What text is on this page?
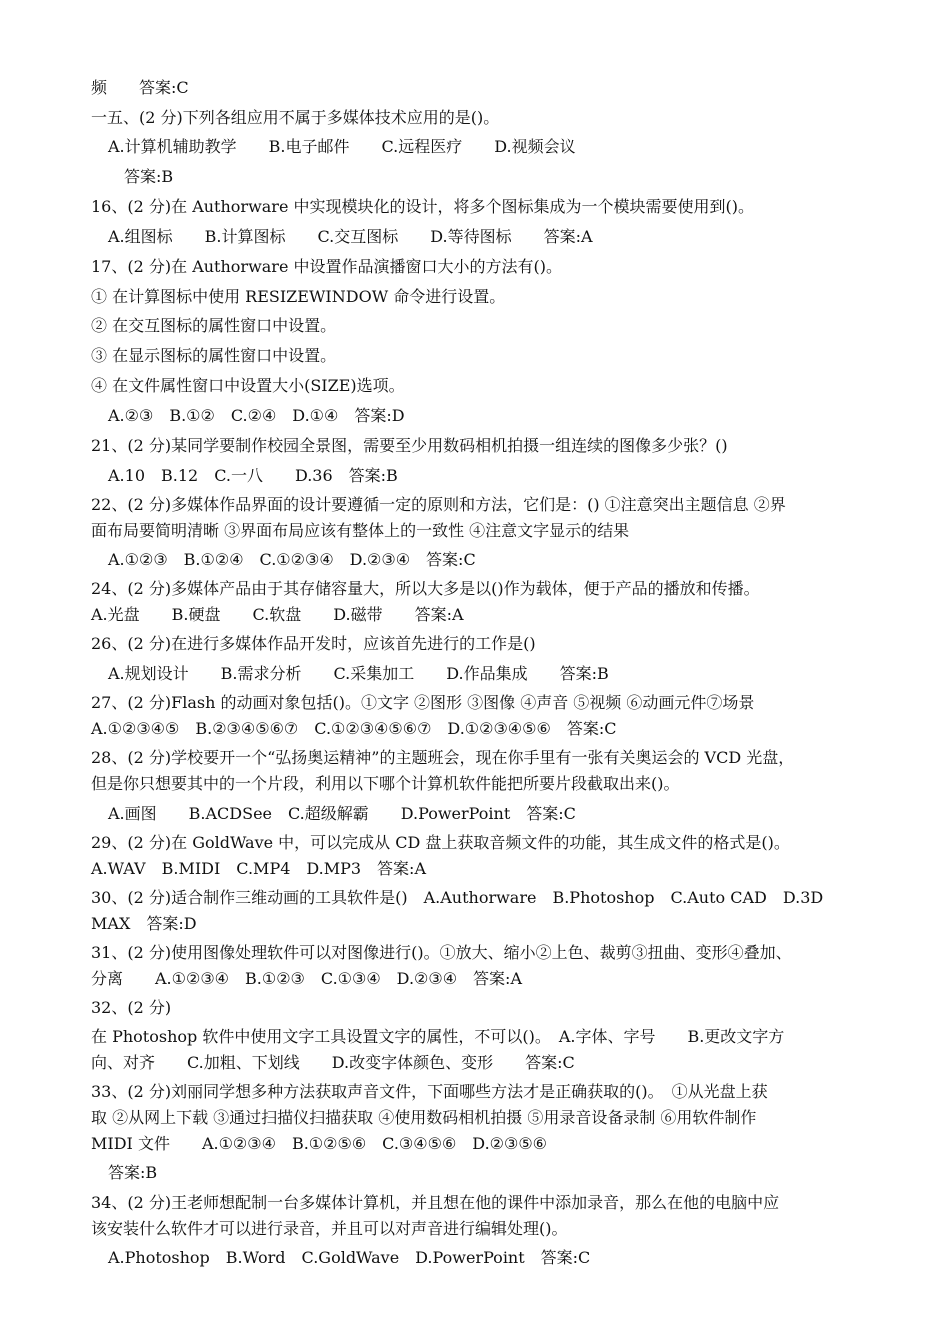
频　　答案:C
一五、(2 分)下列各组应用不属于多媒体技术应用的是()。
A.计算机辅助教学　　B.电子邮件　　C.远程医疗　　D.视频会议
答案:B
16、(2 分)在 Authorware 中实现模块化的设计，将多个图标集成为一个模块需要使用到()。
A.组图标　　B.计算图标　　C.交互图标　　D.等待图标　　答案:A
17、(2 分)在 Authorware 中设置作品演播窗口大小的方法有()。
① 在计算图标中使用 RESIZEWINDOW 命令进行设置。
② 在交互图标的属性窗口中设置。
③ 在显示图标的属性窗口中设置。
④ 在文件属性窗口中设置大小(SIZE)选项。
A.②③　B.①②　C.②④　D.①④　答案:D
21、(2 分)某同学要制作校园全景图，需要至少用数码相机拍摄一组连续的图像多少张？()
A.10　B.12　C.一八　　D.36　答案:B
22、(2 分)多媒体作品界面的设计要遵循一定的原则和方法，它们是：() ①注意突出主题信息 ②界
面布局要简明清晰 ③界面布局应该有整体上的一致性 ④注意文字显示的结果
A.①②③　B.①②④　C.①②③④　D.②③④　答案:C
24、(2 分)多媒体产品由于其存储容量大，所以大多是以()作为载体，便于产品的播放和传播。
A.光盘　　B.硬盘　　C.软盘　　D.磁带　　答案:A
26、(2 分)在进行多媒体作品开发时，应该首先进行的工作是()
A.规划设计　　B.需求分析　　C.采集加工　　D.作品集成　　答案:B
27、(2 分)Flash 的动画对象包括()。①文字 ②图形 ③图像 ④声音 ⑤视频 ⑥动画元件⑦场景
A.①②③④⑤　B.②③④⑤⑥⑦　C.①②③④⑤⑥⑦　D.①②③④⑤⑥　答案:C
28、(2 分)学校要开一个“弘扬奥运精神”的主题班会，现在你手里有一张有关奥运会的 VCD 光盘，
但是你只想要其中的一个片段，利用以下哪个计算机软件能把所要片段截取出来()。
A.画图　　B.ACDSee　C.超级解霸　　D.PowerPoint　答案:C
29、(2 分)在 GoldWave 中，可以完成从 CD 盘上获取音频文件的功能，其生成文件的格式是()。
A.WAV　B.MIDI　C.MP4　D.MP3　答案:A
30、(2 分)适合制作三维动画的工具软件是()　A.Authorware　B.Photoshop　C.Auto CAD　D.3D
MAX　答案:D
31、(2 分)使用图像处理软件可以对图像进行()。①放大、缩小②上色、裁剪③扭曲、变形④叠加、
分离　　A.①②③④　B.①②③　C.①③④　D.②③④　答案:A
32、(2 分)
在 Photoshop 软件中使用文字工具设置文字的属性，不可以()。　A.字体、字号　　B.更改文字方
向、对齐　　C.加粗、下划线　　D.改变字体颜色、变形　　答案:C
33、(2 分)刘丽同学想多种方法获取声音文件，下面哪些方法才是正确获取的()。　①从光盘上获
取 ②从网上下载 ③通过扫描仪扫描获取 ④使用数码相机拍摄 ⑤用录音设备录制 ⑥用软件制作
MIDI 文件　　A.①②③④　B.①②⑤⑥　C.③④⑤⑥　D.②③⑤⑥
答案:B
34、(2 分)王老师想配制一台多媒体计算机，并且想在他的课件中添加录音，那么在他的电脑中应
该安装什么软件才可以进行录音，并且可以对声音进行编辑处理()。
A.Photoshop　B.Word　C.GoldWave　D.PowerPoint　答案:C
